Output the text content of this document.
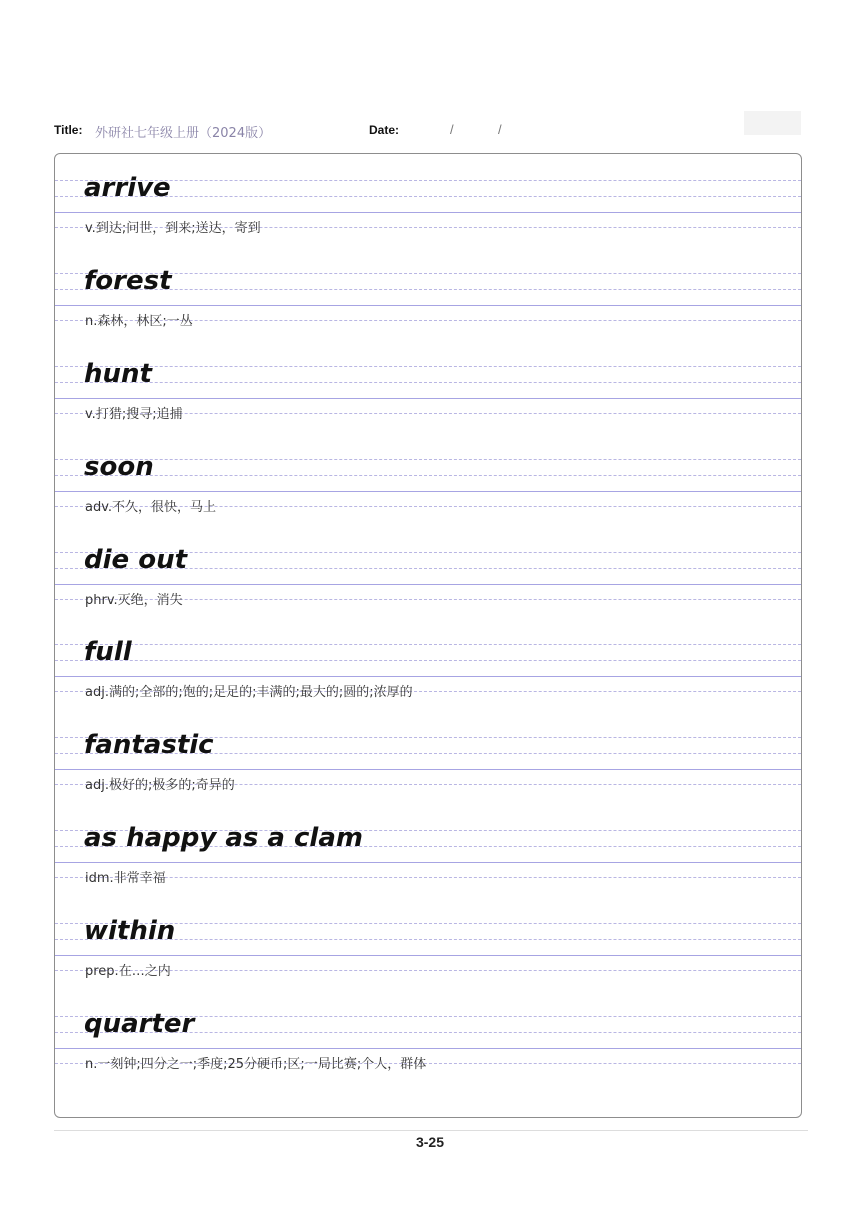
Title: 外研社七年级上册（2024版）	Date:	/	/
arrive
v.到达;问世，到来;送达，寄到
forest
n.森林，林区;一丛
hunt
v.打猎;搜寻;追捕
soon
adv.不久，很快，马上
die out
phrv.灭绝，消失
full
adj.满的;全部的;饱的;足足的;丰满的;最大的;圆的;浓厚的
fantastic
adj.极好的;极多的;奇异的
as happy as a clam
idm.非常幸福
within
prep.在…之内
quarter
n.一刻钟;四分之一;季度;25分硬币;区;一局比赛;个人，群体
3-25
